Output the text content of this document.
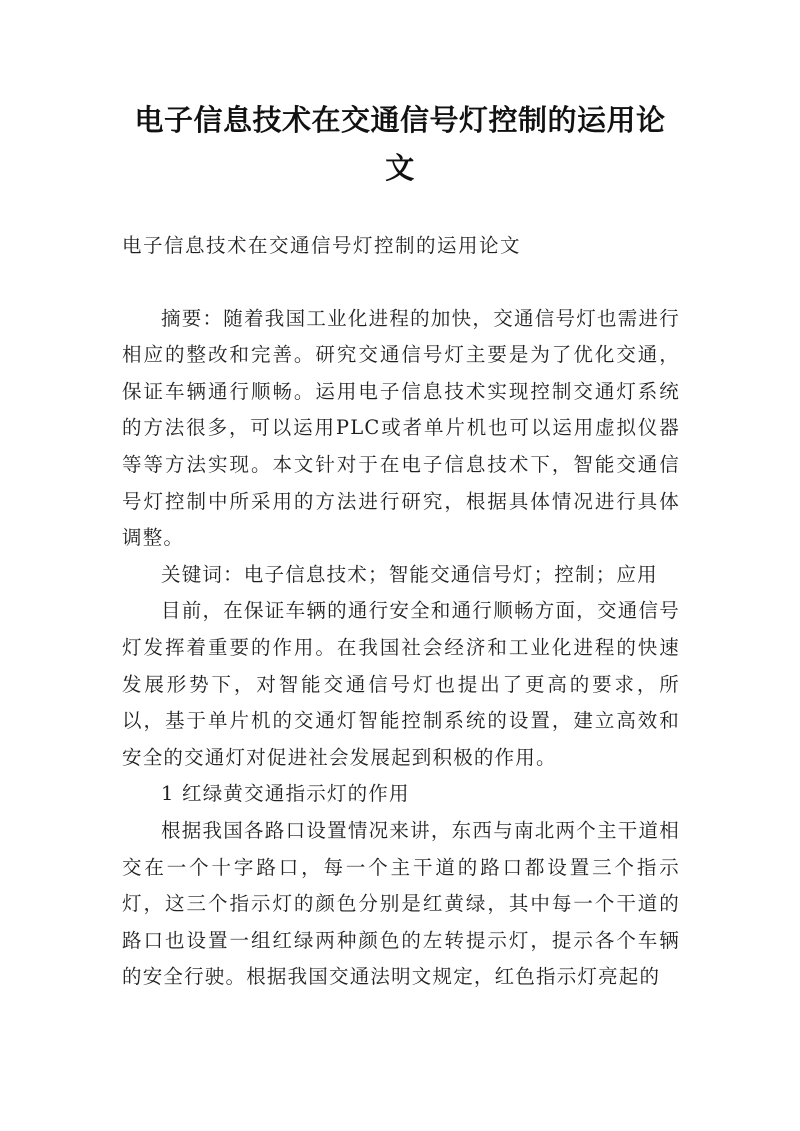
电子信息技术在交通信号灯控制的运用论文

电子信息技术在交通信号灯控制的运用论文

摘要：随着我国工业化进程的加快，交通信号灯也需进行相应的整改和完善。研究交通信号灯主要是为了优化交通，保证车辆通行顺畅。运用电子信息技术实现控制交通灯系统的方法很多，可以运用PLC或者单片机也可以运用虚拟仪器等等方法实现。本文针对于在电子信息技术下，智能交通信号灯控制中所采用的方法进行研究，根据具体情况进行具体调整。

关键词：电子信息技术；智能交通信号灯；控制；应用

目前，在保证车辆的通行安全和通行顺畅方面，交通信号灯发挥着重要的作用。在我国社会经济和工业化进程的快速发展形势下，对智能交通信号灯也提出了更高的要求，所以，基于单片机的交通灯智能控制系统的设置，建立高效和安全的交通灯对促进社会发展起到积极的作用。

1 红绿黄交通指示灯的作用

根据我国各路口设置情况来讲，东西与南北两个主干道相交在一个十字路口，每一个主干道的路口都设置三个指示灯，这三个指示灯的颜色分别是红黄绿，其中每一个干道的路口也设置一组红绿两种颜色的左转提示灯，提示各个车辆的安全行驶。根据我国交通法明文规定，红色指示灯亮起的
